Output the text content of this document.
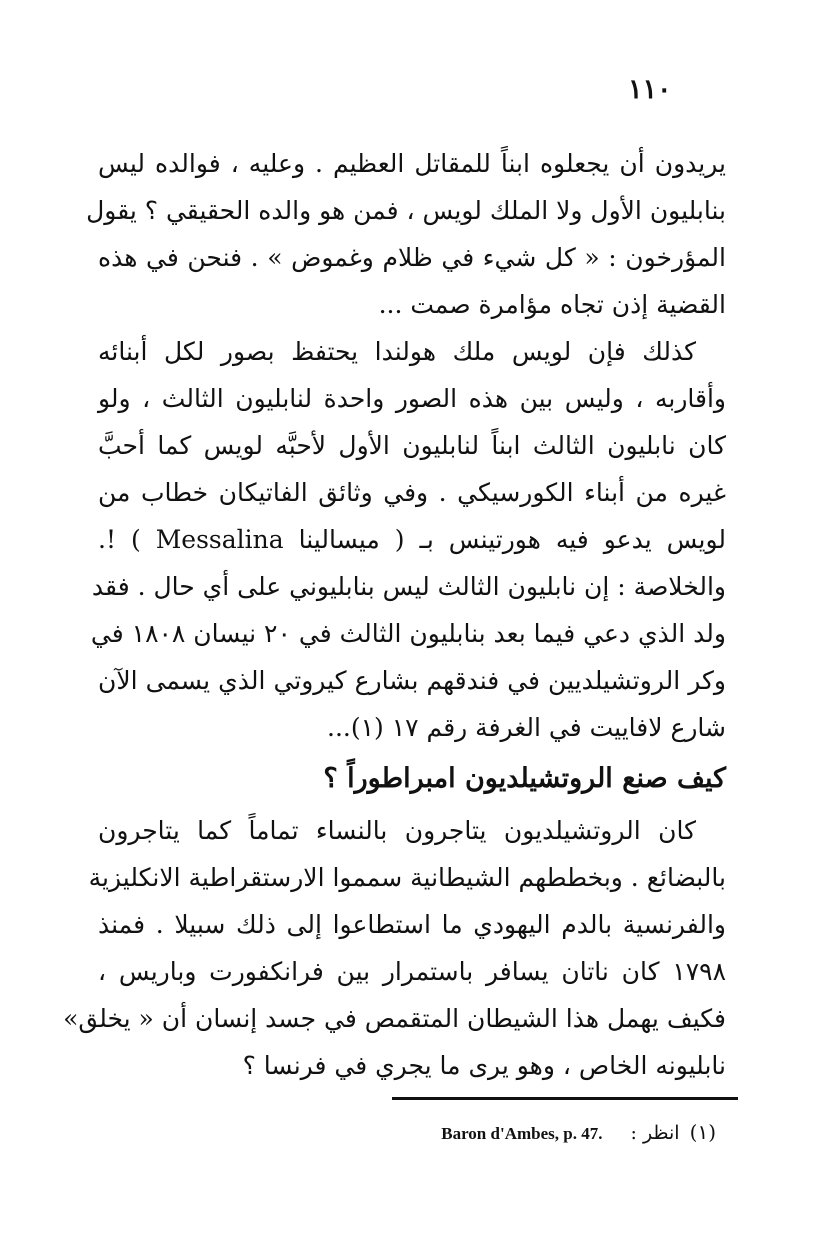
١١٠
يريدون أن يجعلوه ابناً للمقاتل العظيم . وعليه ، فوالده ليس
بنابليون الأول ولا الملك لويس ، فمن هو والده الحقيقي ؟ يقول
المؤرخون : « كل شيء في ظلام وغموض » . فنحن في هذه
القضية إذن تجاه مؤامرة صمت ...
كذلك فإن لويس ملك هولندا يحتفظ بصور لكل أبنائه
وأقاربه ، وليس بين هذه الصور واحدة لنابليون الثالث ، ولو
كان نابليون الثالث ابناً لنابليون الأول لأحبَّه لويس كما أحبَّ
غيره من أبناء الكورسيكي . وفي وثائق الفاتيكان خطاب من
لويس يدعو فيه هورتينس بـ ( ميسالينا Messalina ) !.
والخلاصة : إن نابليون الثالث ليس بنابليوني على أي حال . فقد
ولد الذي دعي فيما بعد بنابليون الثالث في ٢٠ نيسان ١٨٠٨ في
وكر الروتشيلديين في فندقهم بشارع كيروتي الذي يسمى الآن
شارع لافاييت في الغرفة رقم ١٧ (١)...
كيف صنع الروتشيلديون امبراطوراً ؟
كان الروتشيلديون يتاجرون بالنساء تماماً كما يتاجرون
بالبضائع . وبخططهم الشيطانية سمموا الارستقراطية الانكليزية
والفرنسية بالدم اليهودي ما استطاعوا إلى ذلك سبيلا . فمنذ
١٧٩٨ كان ناتان يسافر باستمرار بين فرانكفورت وباريس ،
فكيف يهمل هذا الشيطان المتقمص في جسد إنسان أن « يخلق»
نابليونه الخاص ، وهو يرى ما يجري في فرنسا ؟
(١) انظر : Baron d'Ambes, p. 47.
